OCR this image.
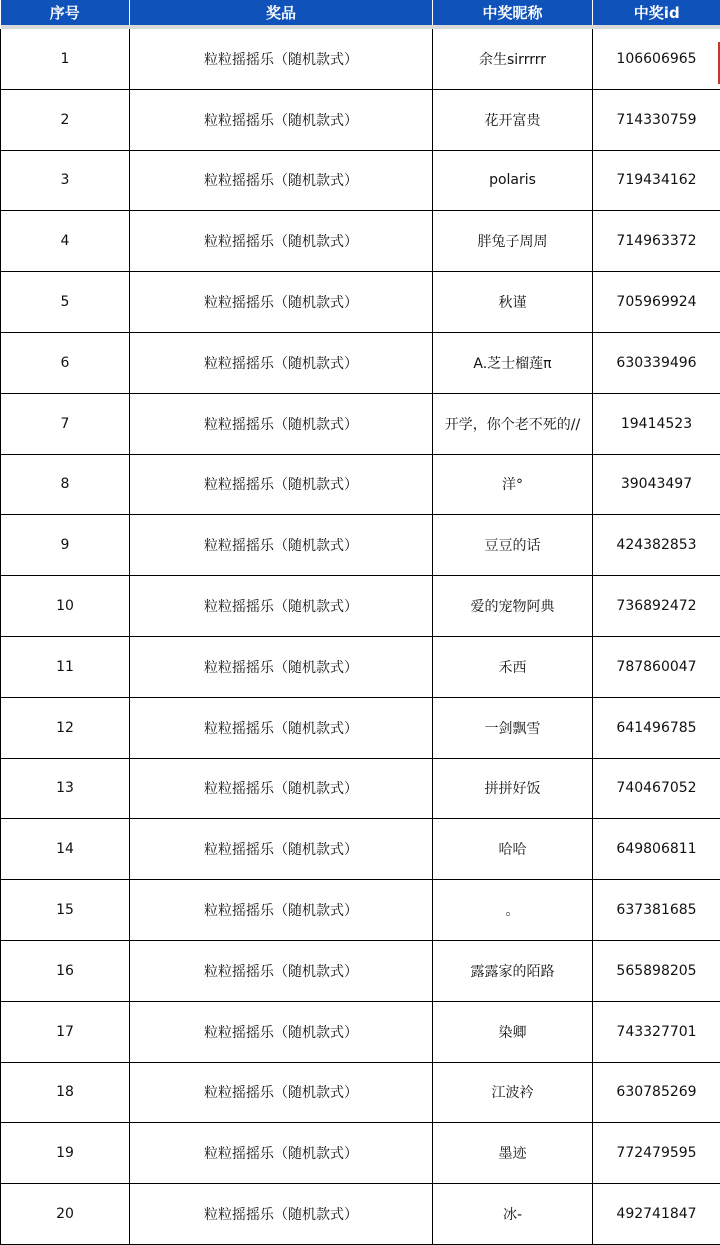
序号	奖品	中奖昵称	中奖id

1	粒粒摇摇乐（随机款式）	余生sirrrrr	106606965
2	粒粒摇摇乐（随机款式）	花开富贵	714330759
3	粒粒摇摇乐（随机款式）	polaris	719434162
4	粒粒摇摇乐（随机款式）	胖兔子周周	714963372
5	粒粒摇摇乐（随机款式）	秋谨	705969924
6	粒粒摇摇乐（随机款式）	A.芝士榴莲π	630339496
7	粒粒摇摇乐（随机款式）	开学，你个老不死的//	19414523
8	粒粒摇摇乐（随机款式）	洋°	39043497
9	粒粒摇摇乐（随机款式）	豆豆的话	424382853
10	粒粒摇摇乐（随机款式）	爱的宠物阿典	736892472
11	粒粒摇摇乐（随机款式）	禾西	787860047
12	粒粒摇摇乐（随机款式）	一剑飘雪	641496785
13	粒粒摇摇乐（随机款式）	拼拼好饭	740467052
14	粒粒摇摇乐（随机款式）	哈哈	649806811
15	粒粒摇摇乐（随机款式）	。	637381685
16	粒粒摇摇乐（随机款式）	露露家的陌路	565898205
17	粒粒摇摇乐（随机款式）	染卿	743327701
18	粒粒摇摇乐（随机款式）	江波衿	630785269
19	粒粒摇摇乐（随机款式）	墨迹	772479595
20	粒粒摇摇乐（随机款式）	冰-	492741847
